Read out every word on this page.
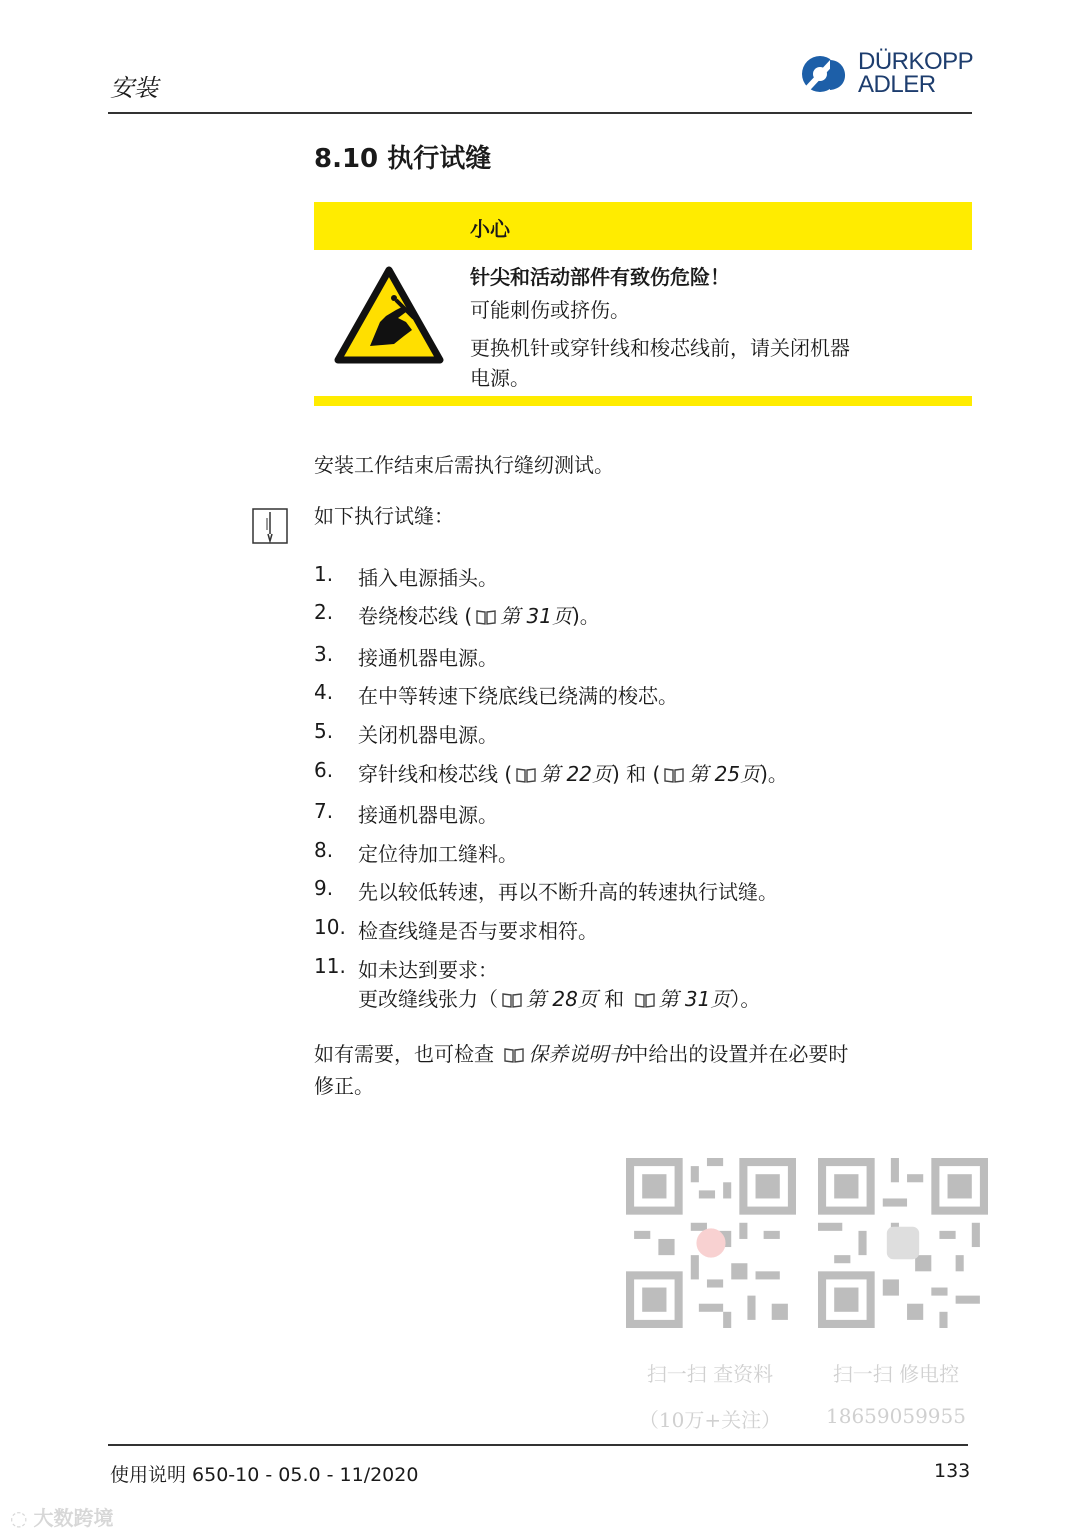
安装
DÜRKOPP
ADLER
8.10 执行试缝
小心
针尖和活动部件有致伤危险！
可能刺伤或挤伤。
更换机针或穿针线和梭芯线前，请关闭机器
电源。
安装工作结束后需执行缝纫测试。
如下执行试缝：
1. 插入电源插头。
2. 卷绕梭芯线 ( 第 31页)。
3. 接通机器电源。
4. 在中等转速下绕底线已绕满的梭芯。
5. 关闭机器电源。
6. 穿针线和梭芯线 ( 第 22页) 和 ( 第 25页)。
7. 接通机器电源。
8. 定位待加工缝料。
9. 先以较低转速，再以不断升高的转速执行试缝。
10. 检查线缝是否与要求相符。
11. 如未达到要求：
更改缝线张力（ 第 28页 和 第 31页）。
如有需要，也可检查 保养说明书中给出的设置并在必要时
修正。
扫一扫 查资料
（10万+关注）
扫一扫 修电控
18659059955
使用说明 650-10 - 05.0 - 11/2020	133
◌ 大数跨境
